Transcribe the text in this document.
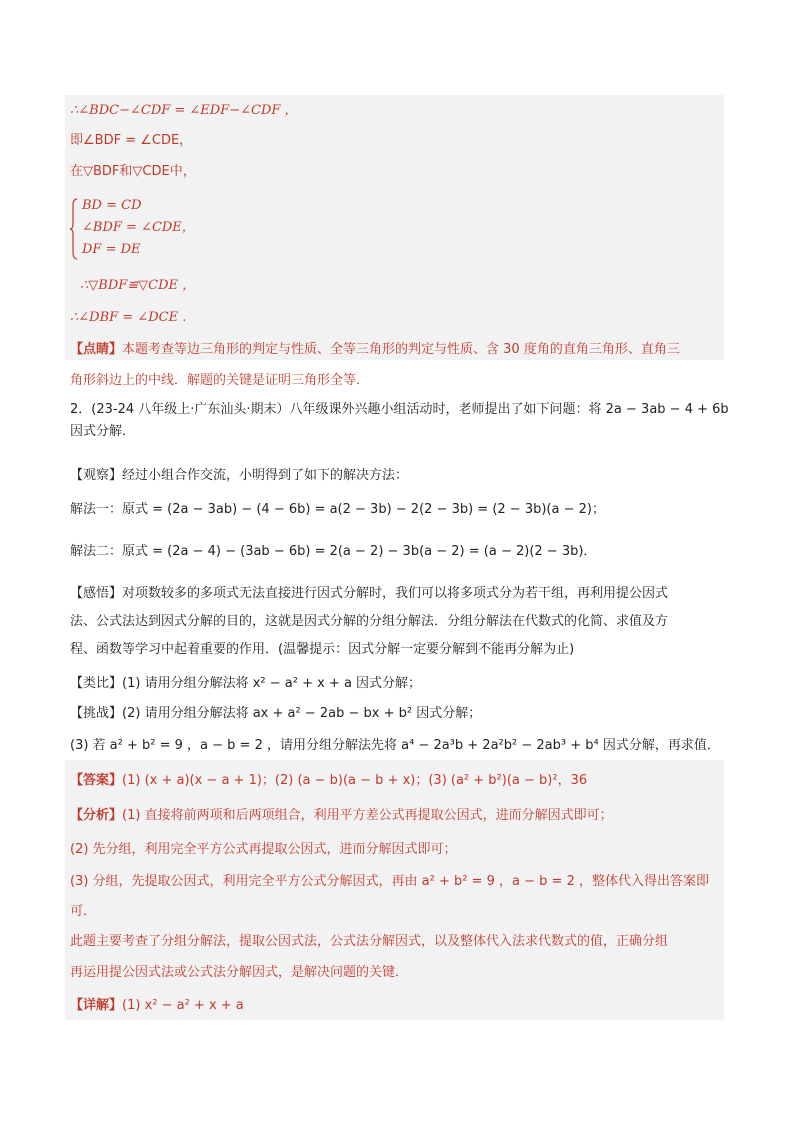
∴∠BDC−∠CDF = ∠EDF−∠CDF ，
即∠BDF = ∠CDE，
在▽BDF和▽CDE中，
BD = CD
∠BDF = ∠CDE，
DF = DE
∴▽BDF≌▽CDE ，
∴∠DBF = ∠DCE .
【点睛】本题考查等边三角形的判定与性质、全等三角形的判定与性质、含 30 度角的直角三角形、直角三
角形斜边上的中线．解题的关键是证明三角形全等．
2．(23-24 八年级上·广东汕头·期末）八年级课外兴趣小组活动时，老师提出了如下问题：将 2a − 3ab − 4 + 6b
因式分解．
【观察】经过小组合作交流，小明得到了如下的解决方法：
解法一：原式 = (2a − 3ab) − (4 − 6b) = a(2 − 3b) − 2(2 − 3b) = (2 − 3b)(a − 2)；
解法二：原式 = (2a − 4) − (3ab − 6b) = 2(a − 2) − 3b(a − 2) = (a − 2)(2 − 3b)．
【感悟】对项数较多的多项式无法直接进行因式分解时，我们可以将多项式分为若干组，再利用提公因式
法、公式法达到因式分解的目的，这就是因式分解的分组分解法．分组分解法在代数式的化简、求值及方
程、函数等学习中起着重要的作用．(温馨提示：因式分解一定要分解到不能再分解为止)
【类比】(1) 请用分组分解法将 x² − a² + x + a 因式分解；
【挑战】(2) 请用分组分解法将 ax + a² − 2ab − bx + b² 因式分解；
(3) 若 a² + b² = 9 ，a − b = 2 ，请用分组分解法先将 a⁴ − 2a³b + 2a²b² − 2ab³ + b⁴ 因式分解，再求值．
【答案】(1) (x + a)(x − a + 1)；(2) (a − b)(a − b + x)；(3) (a² + b²)(a − b)²，36
【分析】(1) 直接将前两项和后两项组合，利用平方差公式再提取公因式，进而分解因式即可；
(2) 先分组，利用完全平方公式再提取公因式，进而分解因式即可；
(3) 分组，先提取公因式，利用完全平方公式分解因式，再由 a² + b² = 9 ，a − b = 2 ，整体代入得出答案即
可．
此题主要考查了分组分解法，提取公因式法，公式法分解因式，以及整体代入法求代数式的值，正确分组
再运用提公因式法或公式法分解因式，是解决问题的关键．
【详解】(1) x² − a² + x + a
